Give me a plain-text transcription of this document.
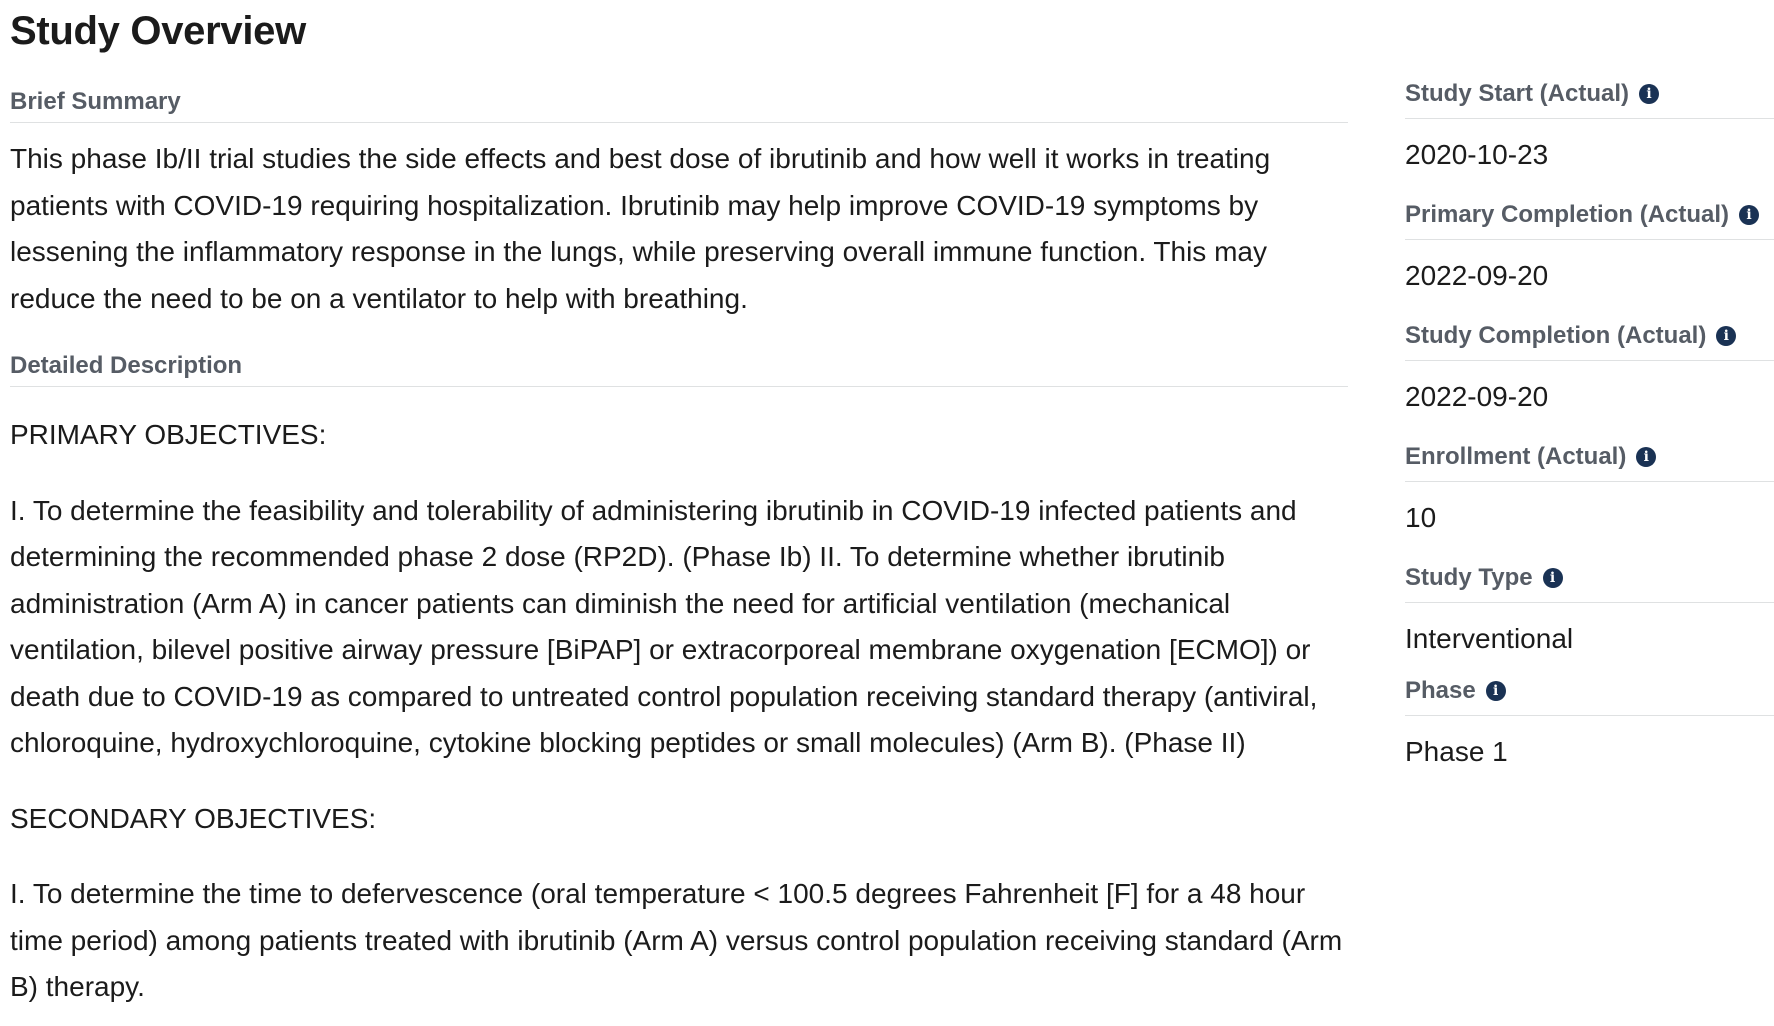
Study Overview
Brief Summary

This phase Ib/II trial studies the side effects and best dose of ibrutinib and how well it works in treating patients with COVID-19 requiring hospitalization. Ibrutinib may help improve COVID-19 symptoms by lessening the inflammatory response in the lungs, while preserving overall immune function. This may reduce the need to be on a ventilator to help with breathing.

Detailed Description

PRIMARY OBJECTIVES:

I. To determine the feasibility and tolerability of administering ibrutinib in COVID-19 infected patients and determining the recommended phase 2 dose (RP2D). (Phase Ib) II. To determine whether ibrutinib administration (Arm A) in cancer patients can diminish the need for artificial ventilation (mechanical ventilation, bilevel positive airway pressure [BiPAP] or extracorporeal membrane oxygenation [ECMO]) or death due to COVID-19 as compared to untreated control population receiving standard therapy (antiviral, chloroquine, hydroxychloroquine, cytokine blocking peptides or small molecules) (Arm B). (Phase II)

SECONDARY OBJECTIVES:

I. To determine the time to defervescence (oral temperature < 100.5 degrees Fahrenheit [F] for a 48 hour time period) among patients treated with ibrutinib (Arm A) versus control population receiving standard (Arm B) therapy.

Study Start (Actual)	i
2020-10-23
Primary Completion (Actual)	i
2022-09-20
Study Completion (Actual)	i
2022-09-20
Enrollment (Actual)	i
10
Study Type	i
Interventional
Phase	i
Phase 1
